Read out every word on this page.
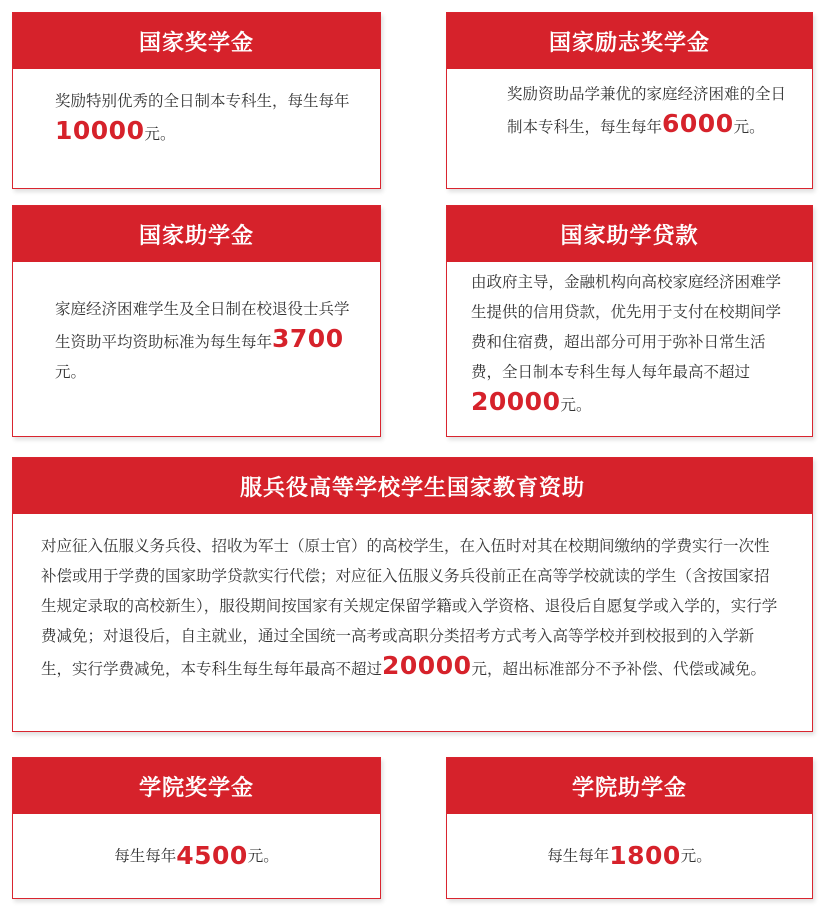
国家奖学金
奖励特别优秀的全日制本专科生，每生每年10000元。
国家励志奖学金
奖励资助品学兼优的家庭经济困难的全日制本专科生，每生每年6000元。
国家助学金
家庭经济困难学生及全日制在校退役士兵学生资助平均资助标准为每生每年3700元。
国家助学贷款
由政府主导，金融机构向高校家庭经济困难学生提供的信用贷款，优先用于支付在校期间学费和住宿费，超出部分可用于弥补日常生活费，全日制本专科生每人每年最高不超过20000元。
服兵役高等学校学生国家教育资助
对应征入伍服义务兵役、招收为军士（原士官）的高校学生，在入伍时对其在校期间缴纳的学费实行一次性补偿或用于学费的国家助学贷款实行代偿；对应征入伍服义务兵役前正在高等学校就读的学生（含按国家招生规定录取的高校新生），服役期间按国家有关规定保留学籍或入学资格、退役后自愿复学或入学的，实行学费减免；对退役后，自主就业，通过全国统一高考或高职分类招考方式考入高等学校并到校报到的入学新生，实行学费减免，本专科生每生每年最高不超过20000元，超出标准部分不予补偿、代偿或减免。
学院奖学金
每生每年 4500 元。
学院助学金
每生每年 1800 元。
